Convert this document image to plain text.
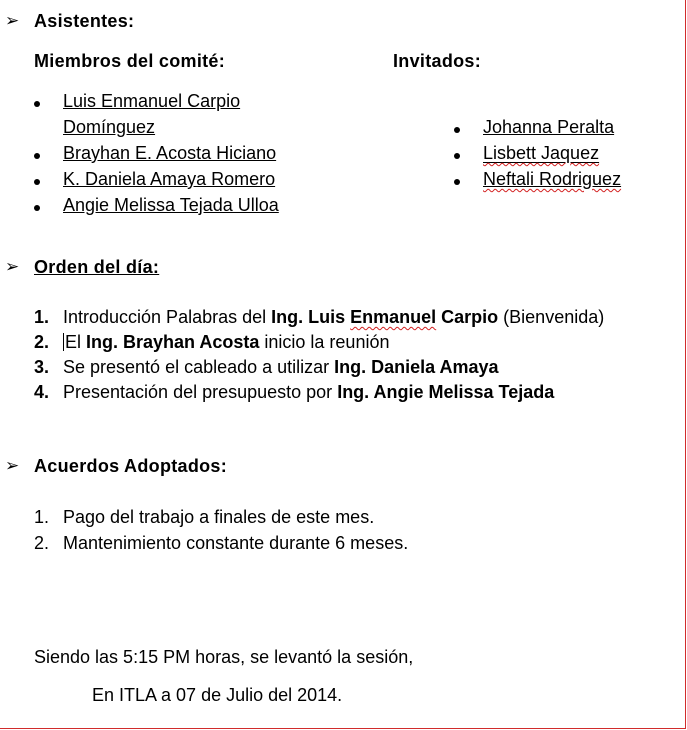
➢ Asistentes:
Miembros del comité:	Invitados:
Luis Enmanuel Carpio
Domínguez
Brayhan E. Acosta Hiciano
K. Daniela Amaya Romero
Angie Melissa Tejada Ulloa
Johanna Peralta
Lisbett Jaquez
Neftali Rodriguez
➢ Orden del día:
1. Introducción Palabras del Ing. Luis Enmanuel Carpio (Bienvenida)
2. El Ing. Brayhan Acosta inicio la reunión
3. Se presentó el cableado a utilizar Ing. Daniela Amaya
4. Presentación del presupuesto por Ing. Angie Melissa Tejada
➢ Acuerdos Adoptados:
1. Pago del trabajo a finales de este mes.
2. Mantenimiento constante durante 6 meses.
Siendo las 5:15 PM horas, se levantó la sesión,
En ITLA a 07 de Julio del 2014.
